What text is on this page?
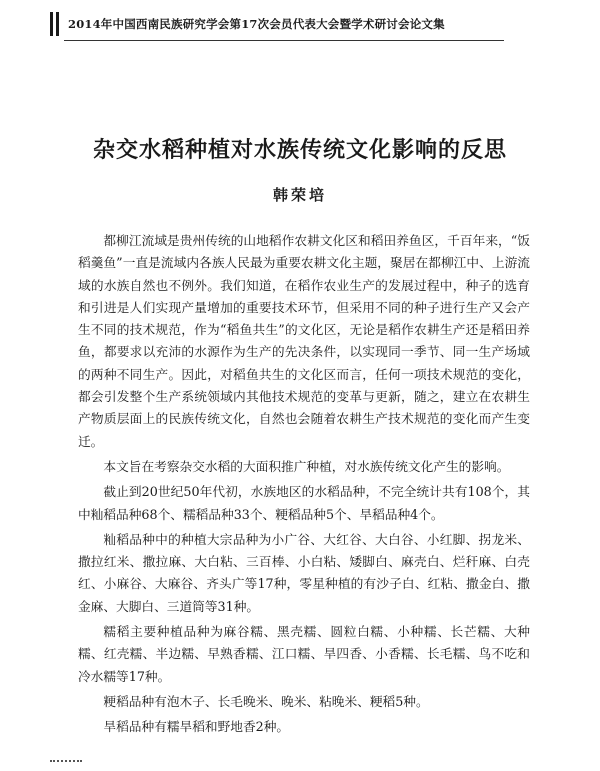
2014年中国西南民族研究学会第17次会员代表大会暨学术研讨会论文集
杂交水稻种植对水族传统文化影响的反思
韩荣培

都柳江流域是贵州传统的山地稻作农耕文化区和稻田养鱼区，千百年来，“饭稻羹鱼”一直是流域内各族人民最为重要农耕文化主题，聚居在都柳江中、上游流域的水族自然也不例外。我们知道，在稻作农业生产的发展过程中，种子的选育和引进是人们实现产量增加的重要技术环节，但采用不同的种子进行生产又会产生不同的技术规范，作为“稻鱼共生”的文化区，无论是稻作农耕生产还是稻田养鱼，都要求以充沛的水源作为生产的先决条件，以实现同一季节、同一生产场域的两种不同生产。因此，对稻鱼共生的文化区而言，任何一项技术规范的变化，都会引发整个生产系统领域内其他技术规范的变革与更新，随之，建立在农耕生产物质层面上的民族传统文化，自然也会随着农耕生产技术规范的变化而产生变迁。

本文旨在考察杂交水稻的大面积推广种植，对水族传统文化产生的影响。

截止到20世纪50年代初，水族地区的水稻品种，不完全统计共有108个，其中籼稻品种68个、糯稻品种33个、粳稻品种5个、旱稻品种4个。

籼稻品种中的种植大宗品种为小广谷、大红谷、大白谷、小红脚、拐龙米、撒拉红米、撒拉麻、大白粘、三百棒、小白粘、矮脚白、麻壳白、烂秆麻、白壳红、小麻谷、大麻谷、齐头广等17种，零星种植的有沙子白、红粘、撒金白、撒金麻、大脚白、三道筒等31种。

糯稻主要种植品种为麻谷糯、黑壳糯、圆粒白糯、小种糯、长芒糯、大种糯、红壳糯、半边糯、早熟香糯、江口糯、旱四香、小香糯、长毛糯、鸟不吃和冷水糯等17种。

粳稻品种有泡木子、长毛晚米、晚米、粘晚米、粳稻5种。

旱稻品种有糯旱稻和野地香2种。
